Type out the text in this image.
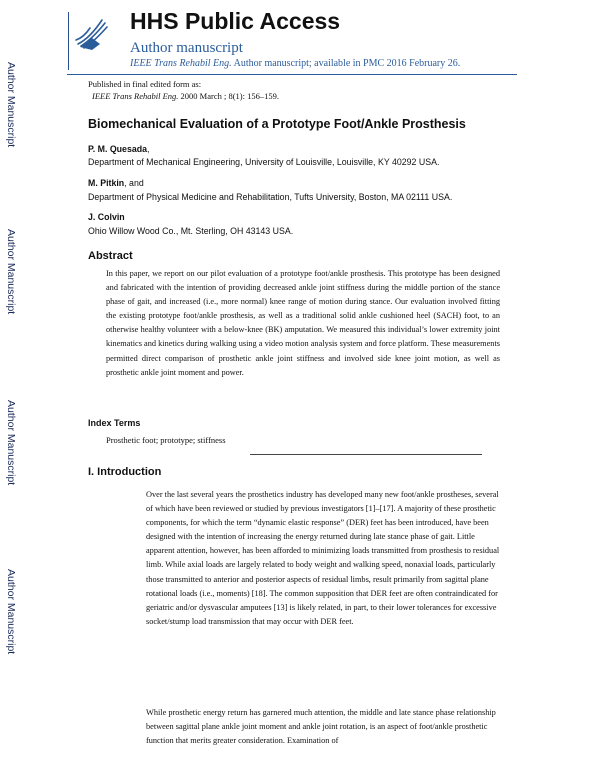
Author Manuscript
Author Manuscript
Author Manuscript
Author Manuscript
HHS Public Access
Author manuscript
IEEE Trans Rehabil Eng. Author manuscript; available in PMC 2016 February 26.
Published in final edited form as:
IEEE Trans Rehabil Eng. 2000 March ; 8(1): 156–159.
Biomechanical Evaluation of a Prototype Foot/Ankle Prosthesis
P. M. Quesada,
Department of Mechanical Engineering, University of Louisville, Louisville, KY 40292 USA.
M. Pitkin, and
Department of Physical Medicine and Rehabilitation, Tufts University, Boston, MA 02111 USA.
J. Colvin
Ohio Willow Wood Co., Mt. Sterling, OH 43143 USA.
Abstract
In this paper, we report on our pilot evaluation of a prototype foot/ankle prosthesis. This prototype has been designed and fabricated with the intention of providing decreased ankle joint stiffness during the middle portion of the stance phase of gait, and increased (i.e., more normal) knee range of motion during stance. Our evaluation involved fitting the existing prototype foot/ankle prosthesis, as well as a traditional solid ankle cushioned heel (SACH) foot, to an otherwise healthy volunteer with a below-knee (BK) amputation. We measured this individual’s lower extremity joint kinematics and kinetics during walking using a video motion analysis system and force platform. These measurements permitted direct comparison of prosthetic ankle joint stiffness and involved side knee joint motion, as well as prosthetic ankle joint moment and power.
Index Terms
Prosthetic foot; prototype; stiffness
I. Introduction
Over the last several years the prosthetics industry has developed many new foot/ankle prostheses, several of which have been reviewed or studied by previous investigators [1]–[17]. A majority of these prosthetic components, for which the term “dynamic elastic response” (DER) feet has been introduced, have been designed with the intention of increasing the energy returned during late stance phase of gait. Little apparent attention, however, has been afforded to minimizing loads transmitted from prosthesis to residual limb. While axial loads are largely related to body weight and walking speed, nonaxial loads, particularly those transmitted to anterior and posterior aspects of residual limbs, result primarily from sagittal plane rotational loads (i.e., moments) [18]. The common supposition that DER feet are often contraindicated for geriatric and/or dysvascular amputees [13] is likely related, in part, to their lower tolerances for excessive socket/stump load transmission that may occur with DER feet.
While prosthetic energy return has garnered much attention, the middle and late stance phase relationship between sagittal plane ankle joint moment and ankle joint rotation, is an aspect of foot/ankle prosthetic function that merits greater consideration. Examination of
